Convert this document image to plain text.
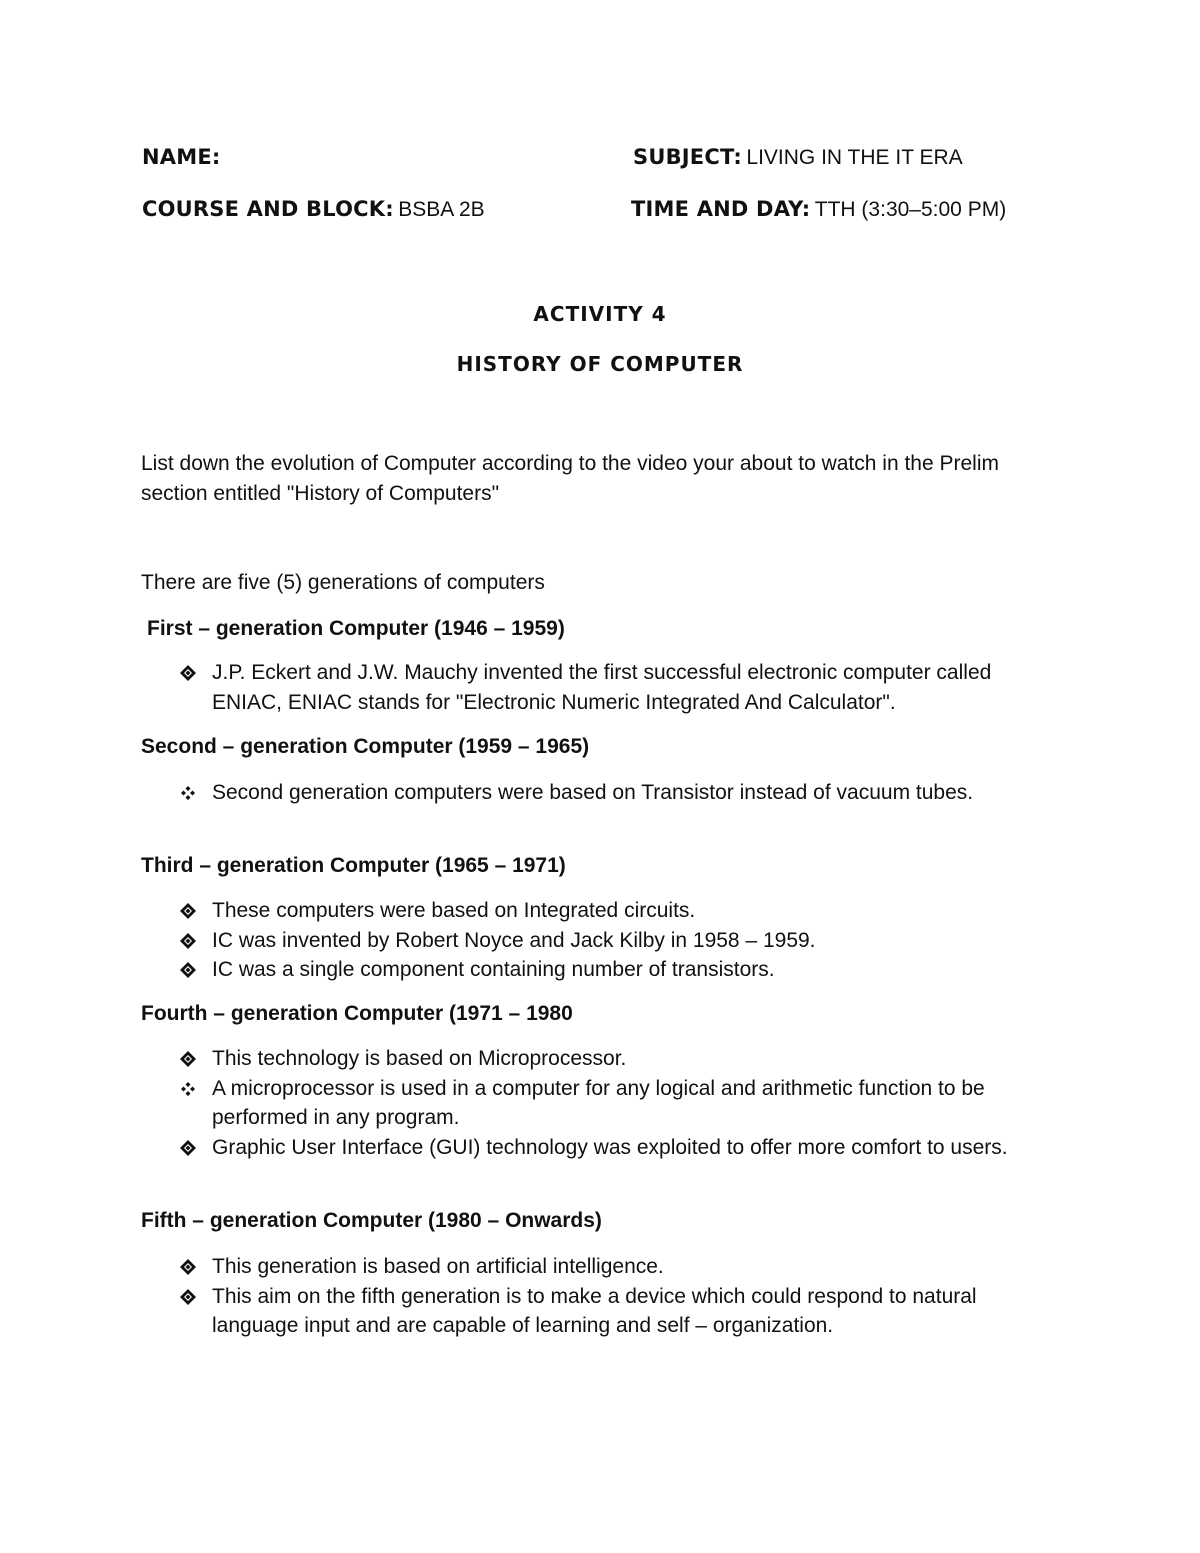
NAME:	SUBJECT: LIVING IN THE IT ERA
COURSE AND BLOCK: BSBA 2B	TIME AND DAY: TTH (3:30–5:00 PM)
ACTIVITY 4
HISTORY OF COMPUTER
List down the evolution of Computer according to the video your about to watch in the Prelim section entitled "History of Computers"
There are five (5) generations of computers
First – generation Computer (1946 – 1959)
J.P. Eckert and J.W. Mauchy invented the first successful electronic computer called ENIAC, ENIAC stands for "Electronic Numeric Integrated And Calculator".
Second – generation Computer (1959 – 1965)
Second generation computers were based on Transistor instead of vacuum tubes.
Third – generation Computer (1965 – 1971)
These computers were based on Integrated circuits.
IC was invented by Robert Noyce and Jack Kilby in 1958 – 1959.
IC was a single component containing number of transistors.
Fourth – generation Computer (1971 – 1980
This technology is based on Microprocessor.
A microprocessor is used in a computer for any logical and arithmetic function to be performed in any program.
Graphic User Interface (GUI) technology was exploited to offer more comfort to users.
Fifth – generation Computer (1980 – Onwards)
This generation is based on artificial intelligence.
This aim on the fifth generation is to make a device which could respond to natural language input and are capable of learning and self – organization.
